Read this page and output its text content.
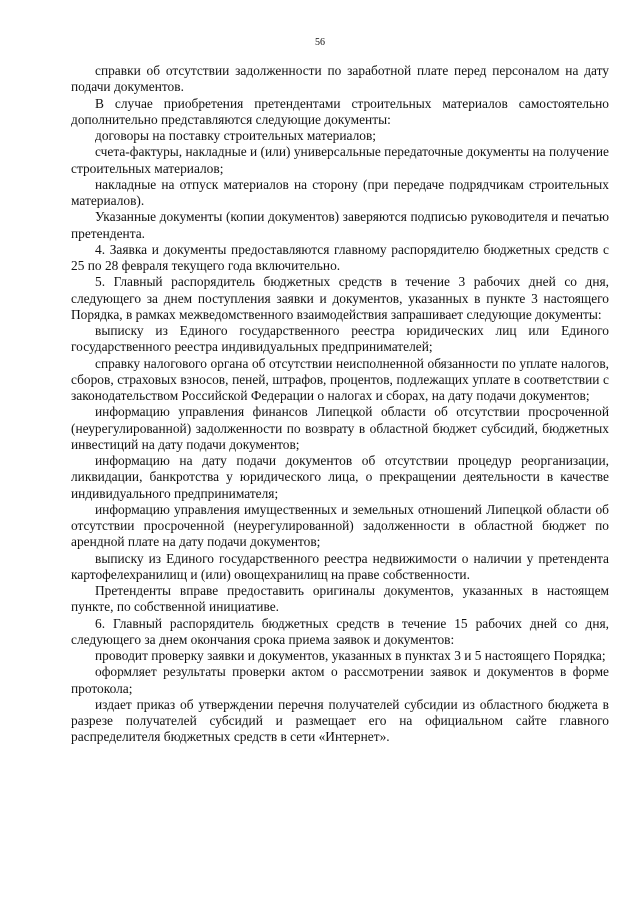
56

справки об отсутствии задолженности по заработной плате перед персоналом на дату подачи документов.

В случае приобретения претендентами строительных материалов самостоятельно дополнительно представляются следующие документы:

договоры на поставку строительных материалов;

счета-фактуры, накладные и (или) универсальные передаточные документы на получение строительных материалов;

накладные на отпуск материалов на сторону (при передаче подрядчикам строительных материалов).

Указанные документы (копии документов) заверяются подписью руководителя и печатью претендента.

4. Заявка и документы предоставляются главному распорядителю бюджетных средств с 25 по 28 февраля текущего года включительно.

5. Главный распорядитель бюджетных средств в течение 3 рабочих дней со дня, следующего за днем поступления заявки и документов, указанных в пункте 3 настоящего Порядка, в рамках межведомственного взаимодействия запрашивает следующие документы:

выписку из Единого государственного реестра юридических лиц или Единого государственного реестра индивидуальных предпринимателей;

справку налогового органа об отсутствии неисполненной обязанности по уплате налогов, сборов, страховых взносов, пеней, штрафов, процентов, подлежащих уплате в соответствии с законодательством Российской Федерации о налогах и сборах, на дату подачи документов;

информацию управления финансов Липецкой области об отсутствии просроченной (неурегулированной) задолженности по возврату в областной бюджет субсидий, бюджетных инвестиций на дату подачи документов;

информацию на дату подачи документов об отсутствии процедур реорганизации, ликвидации, банкротства у юридического лица, о прекращении деятельности в качестве индивидуального предпринимателя;

информацию управления имущественных и земельных отношений Липецкой области об отсутствии просроченной (неурегулированной) задолженности в областной бюджет по арендной плате на дату подачи документов;

выписку из Единого государственного реестра недвижимости о наличии у претендента картофелехранилищ и (или) овощехранилищ на праве собственности.

Претенденты вправе предоставить оригиналы документов, указанных в настоящем пункте, по собственной инициативе.

6. Главный распорядитель бюджетных средств в течение 15 рабочих дней со дня, следующего за днем окончания срока приема заявок и документов:

проводит проверку заявки и документов, указанных в пунктах 3 и 5 настоящего Порядка;

оформляет результаты проверки актом о рассмотрении заявок и документов в форме протокола;

издает приказ об утверждении перечня получателей субсидии из областного бюджета в разрезе получателей субсидий и размещает его на официальном сайте главного распределителя бюджетных средств в сети «Интернет».
